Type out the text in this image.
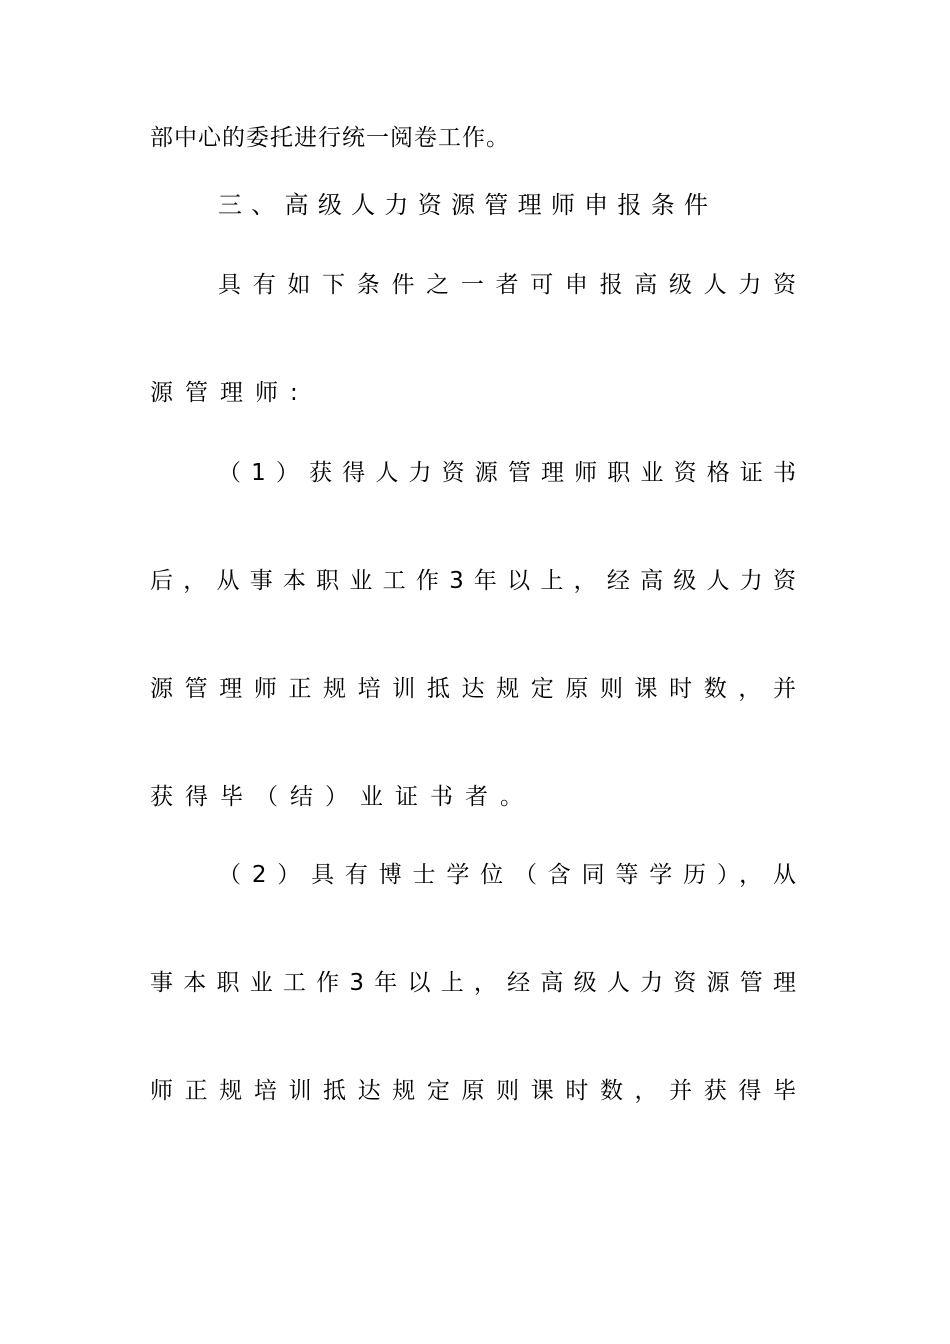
部中心的委托进行统一阅卷工作。
三、高级人力资源管理师申报条件
具有如下条件之一者可申报高级人力资
源管理师:
（1）获得人力资源管理师职业资格证书
后，从事本职业工作3年以上，经高级人力资
源管理师正规培训抵达规定原则课时数，并
获得毕（结）业证书者。
（2）具有博士学位（含同等学历），从
事本职业工作3年以上，经高级人力资源管理
师正规培训抵达规定原则课时数，并获得毕
